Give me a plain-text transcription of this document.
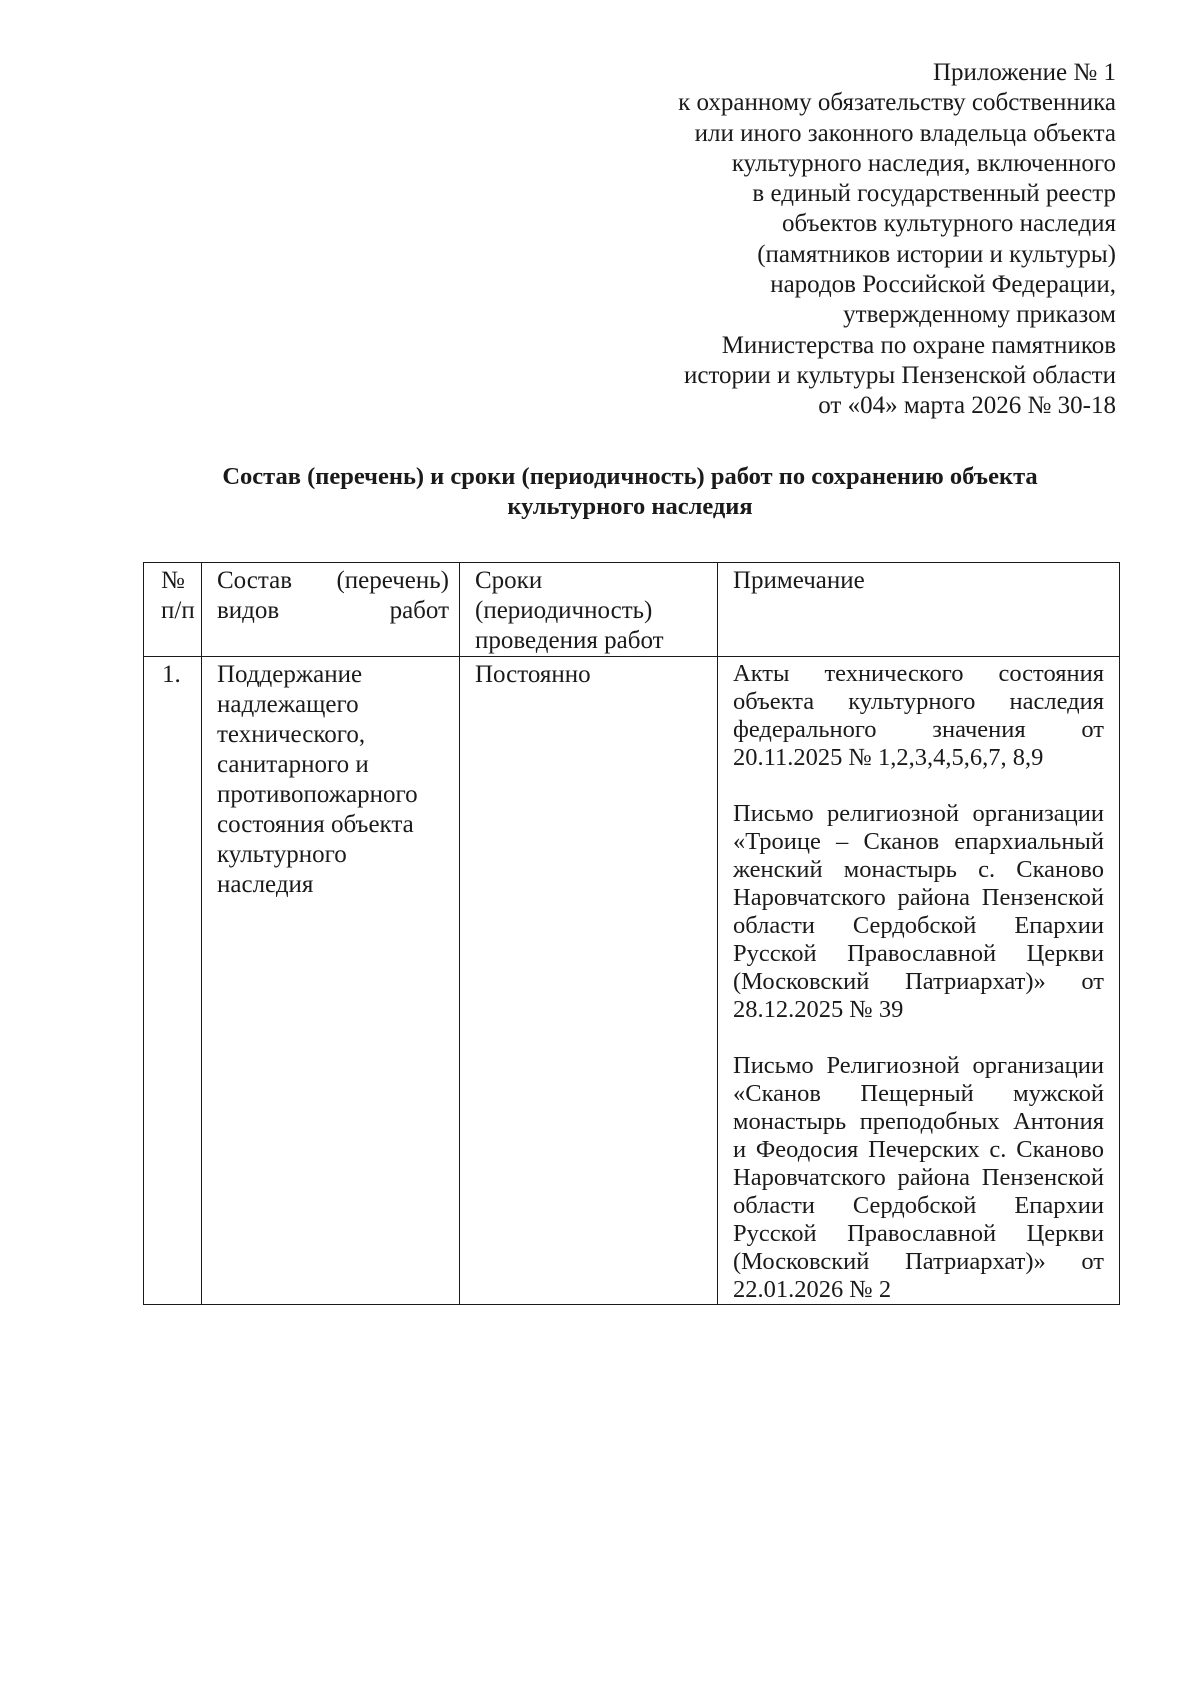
Приложение № 1
к охранному обязательству собственника
или иного законного владельца объекта
культурного наследия, включенного
в единый государственный реестр
объектов культурного наследия
(памятников истории и культуры)
народов Российской Федерации,
утвержденному приказом
Министерства по охране памятников
истории и культуры Пензенской области
от «04» марта 2026 № 30-18
Состав (перечень) и сроки (периодичность) работ по сохранению объекта
культурного наследия
№ п/п	Состав (перечень) видов работ	Сроки (периодичность) проведения работ	Примечание
1.	Поддержание надлежащего технического, санитарного и противопожарного состояния объекта культурного наследия	Постоянно	Акты технического состояния объекта культурного наследия федерального значения от 20.11.2025 № 1,2,3,4,5,6,7, 8,9
Письмо религиозной организации «Троице – Сканов епархиальный женский монастырь с. Сканово Наровчатского района Пензенской области Сердобской Епархии Русской Православной Церкви (Московский Патриархат)» от 28.12.2025 № 39
Письмо Религиозной организации «Сканов Пещерный мужской монастырь преподобных Антония и Феодосия Печерских с. Сканово Наровчатского района Пензенской области Сердобской Епархии Русской Православной Церкви (Московский Патриархат)» от 22.01.2026 № 2
